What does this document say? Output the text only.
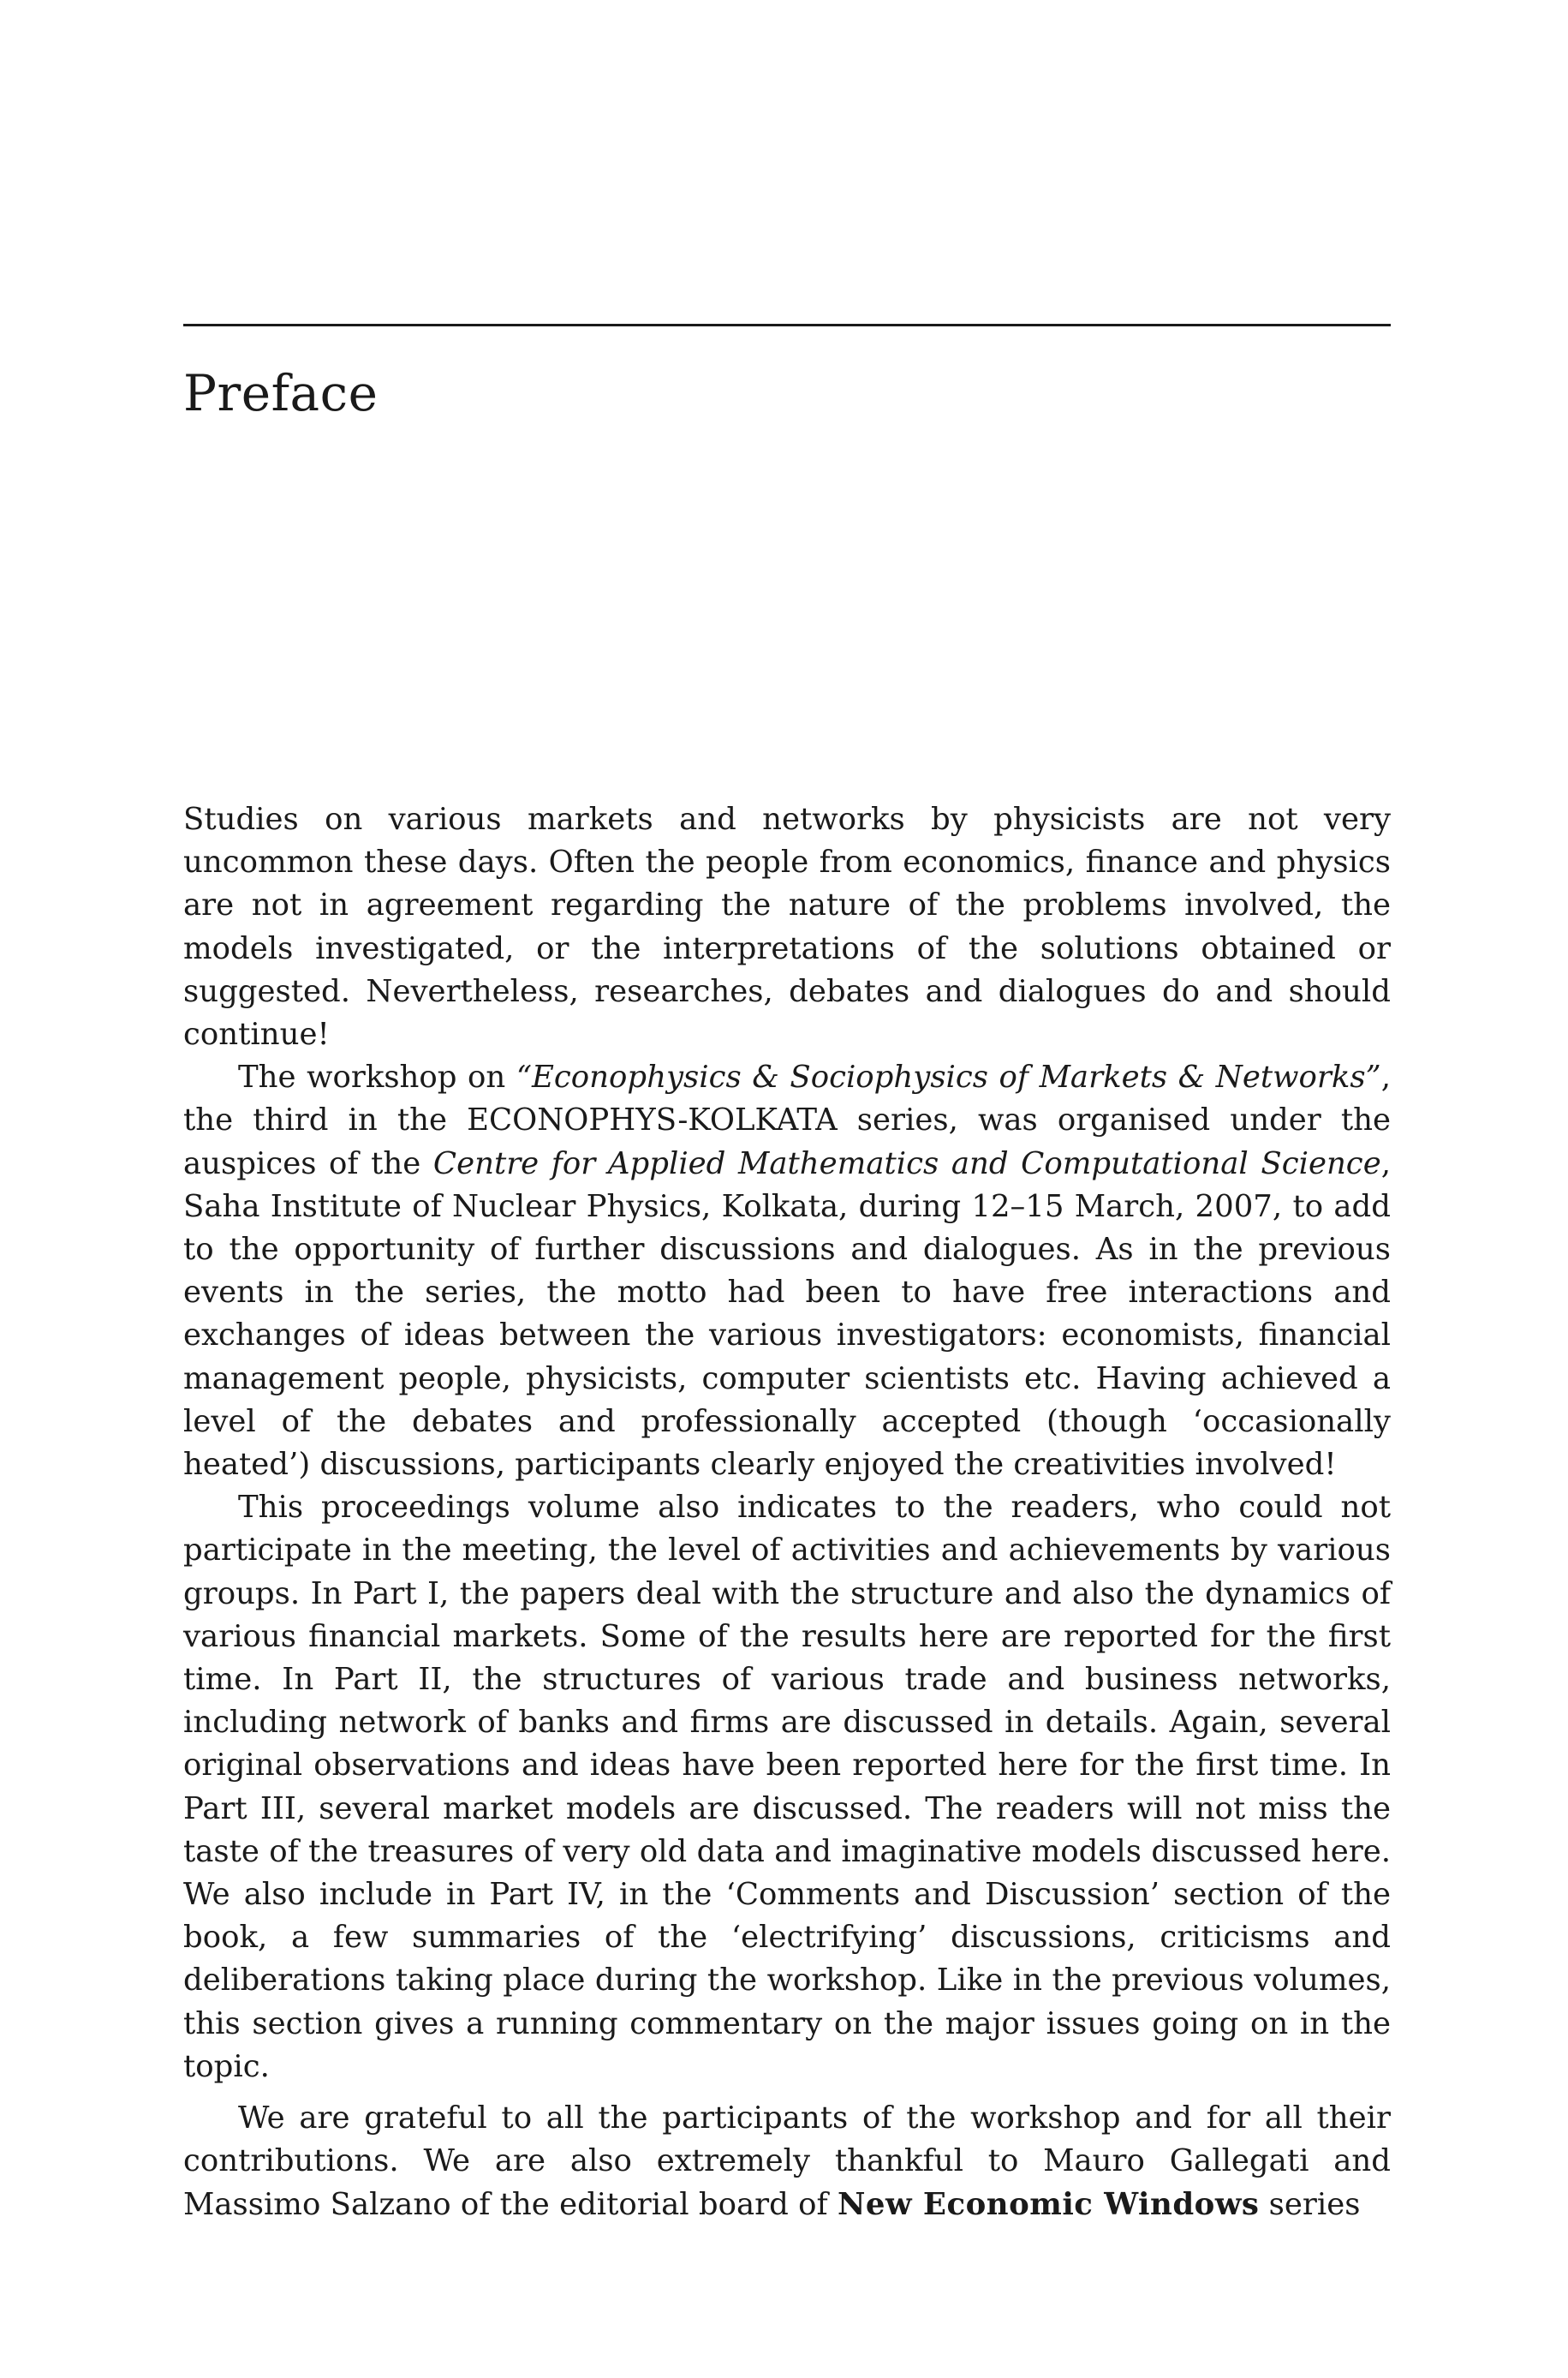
Preface

Studies on various markets and networks by physicists are not very uncommon these days. Often the people from economics, finance and physics are not in agreement regarding the nature of the problems involved, the models investigated, or the interpretations of the solutions obtained or suggested. Nevertheless, researches, debates and dialogues do and should continue!

The workshop on “Econophysics & Sociophysics of Markets & Networks”, the third in the ECONOPHYS-KOLKATA series, was organised under the auspices of the Centre for Applied Mathematics and Computational Science, Saha Institute of Nuclear Physics, Kolkata, during 12–15 March, 2007, to add to the opportunity of further discussions and dialogues. As in the previous events in the series, the motto had been to have free interactions and exchanges of ideas between the various investigators: economists, financial management people, physicists, computer scientists etc. Having achieved a level of the debates and professionally accepted (though ‘occasionally heated’) discussions, participants clearly enjoyed the creativities involved!

This proceedings volume also indicates to the readers, who could not participate in the meeting, the level of activities and achievements by various groups. In Part I, the papers deal with the structure and also the dynamics of various financial markets. Some of the results here are reported for the first time. In Part II, the structures of various trade and business networks, including network of banks and firms are discussed in details. Again, several original observations and ideas have been reported here for the first time. In Part III, several market models are discussed. The readers will not miss the taste of the treasures of very old data and imaginative models discussed here. We also include in Part IV, in the ‘Comments and Discussion’ section of the book, a few summaries of the ‘electrifying’ discussions, criticisms and deliberations taking place during the workshop. Like in the previous volumes, this section gives a running commentary on the major issues going on in the topic.

We are grateful to all the participants of the workshop and for all their contributions. We are also extremely thankful to Mauro Gallegati and Massimo Salzano of the editorial board of New Economic Windows series
